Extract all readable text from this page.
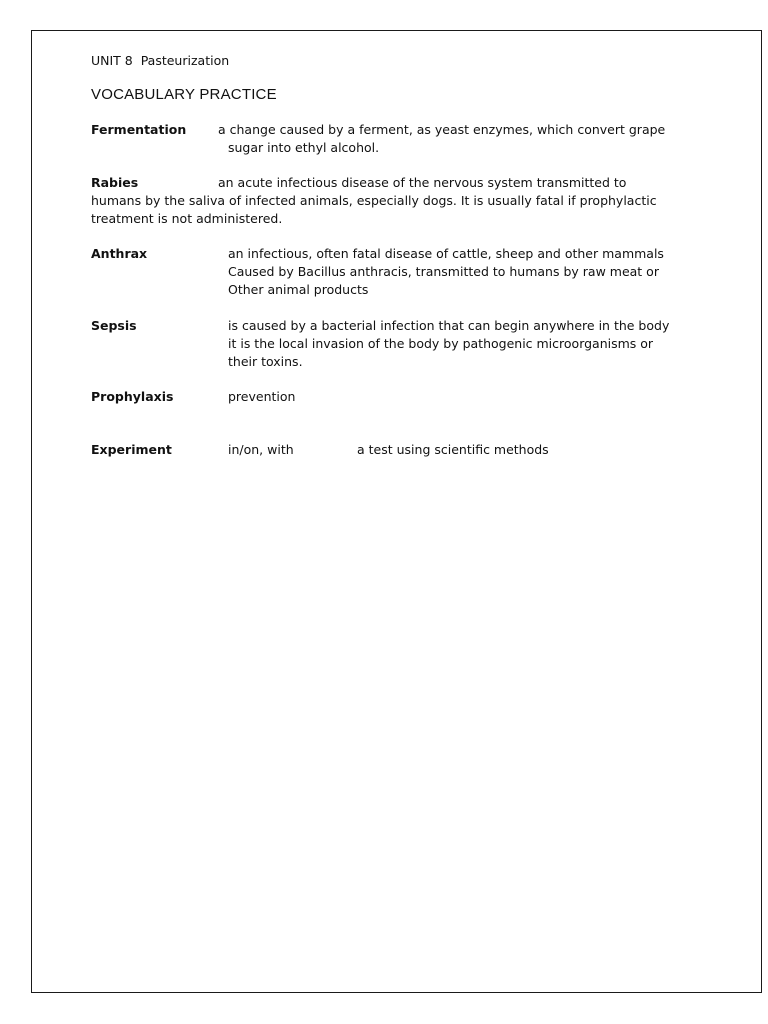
UNIT 8  Pasteurization
VOCABULARY PRACTICE
Fermentation	a change caused by a ferment, as yeast enzymes, which convert grape
sugar into ethyl alcohol.
Rabies	an acute infectious disease of the nervous system transmitted to
humans by the saliva of infected animals, especially dogs. It is usually fatal if prophylactic
treatment is not administered.
Anthrax	an infectious, often fatal disease of cattle, sheep and other mammals
Caused by Bacillus anthracis, transmitted to humans by raw meat or
Other animal products
Sepsis	is caused by a bacterial infection that can begin anywhere in the body
it is the local invasion of the body by pathogenic microorganisms or
their toxins.
Prophylaxis	prevention
Experiment	in/on, with	a test using scientific methods
